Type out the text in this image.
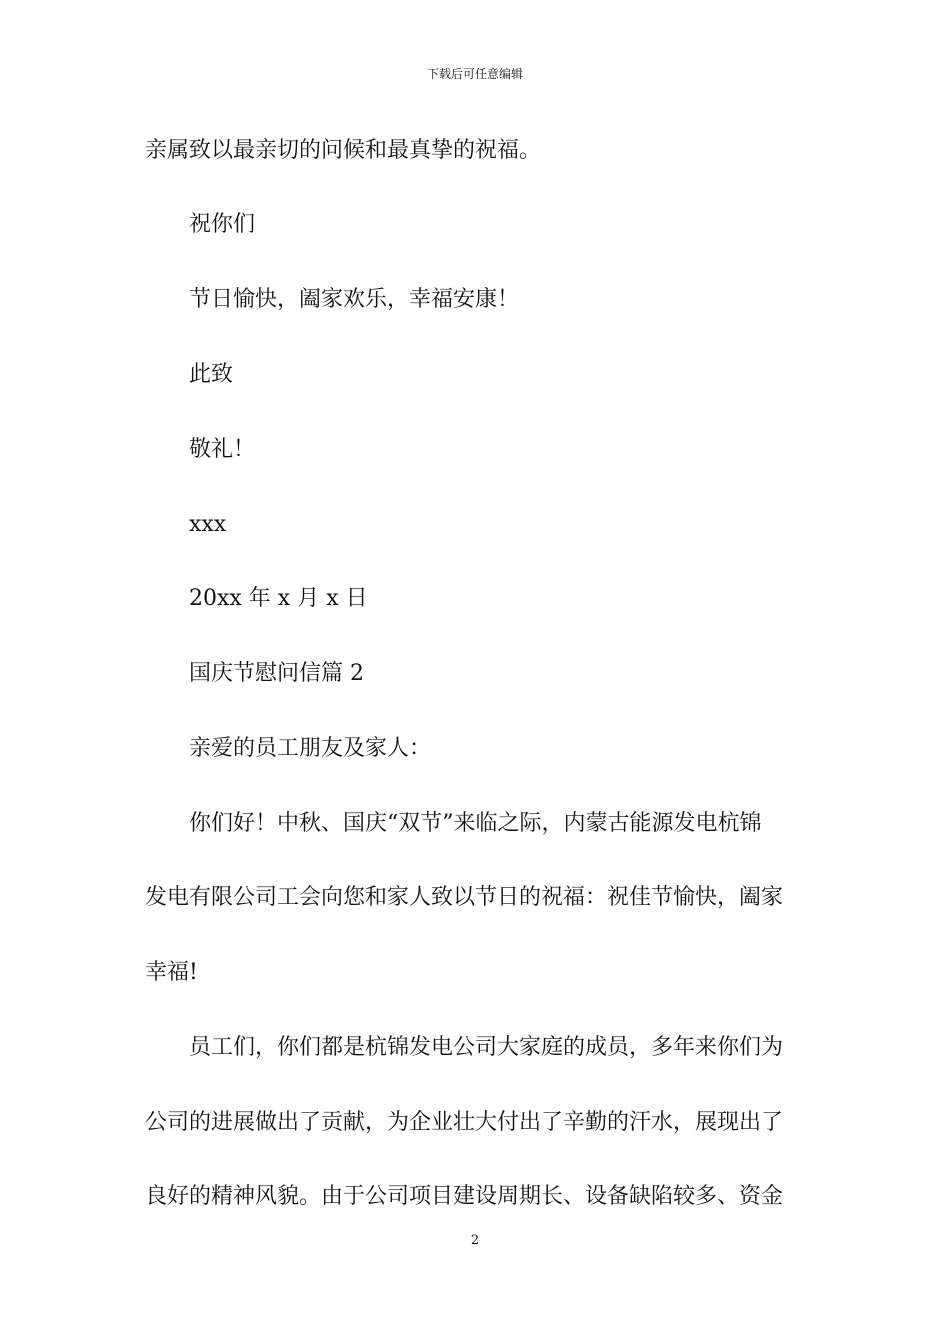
下载后可任意编辑
亲属致以最亲切的问候和最真挚的祝福。
祝你们
节日愉快，阖家欢乐，幸福安康！
此致
敬礼！
xxx
20xx 年 x 月 x 日
国庆节慰问信篇 2
亲爱的员工朋友及家人：
你们好！中秋、国庆“双节”来临之际，内蒙古能源发电杭锦
发电有限公司工会向您和家人致以节日的祝福：祝佳节愉快，阖家
幸福!
员工们，你们都是杭锦发电公司大家庭的成员，多年来你们为
公司的进展做出了贡献，为企业壮大付出了辛勤的汗水，展现出了
良好的精神风貌。由于公司项目建设周期长、设备缺陷较多、资金
2
